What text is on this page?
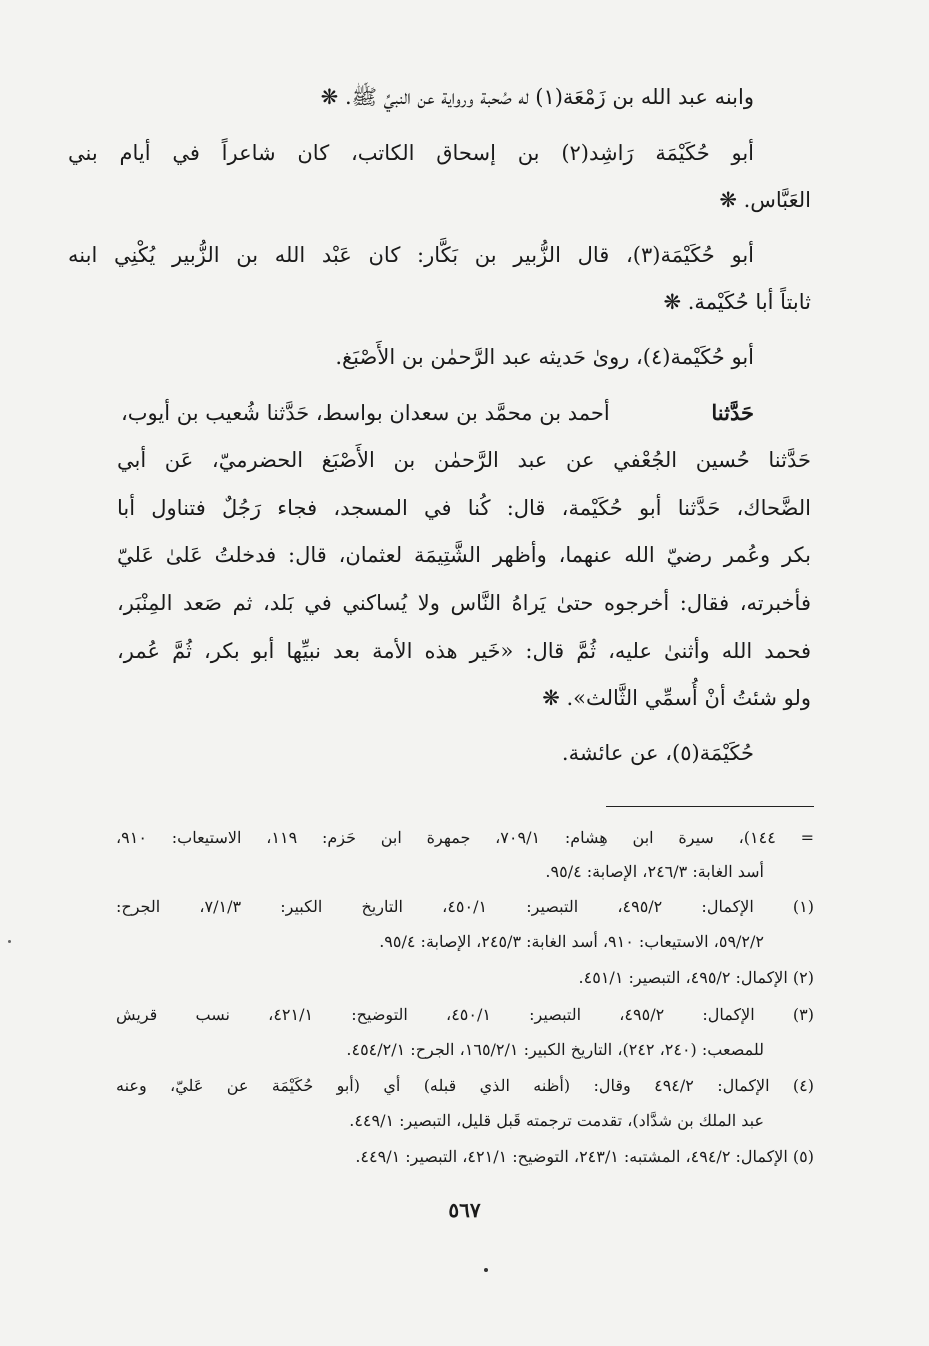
وابنه عبد الله بن زَمْعَة(١) له صُحبة ورواية عن النبيِّ ﷺ. ❋
أبو حُكَيْمَة رَاشِد(٢) بن إسحاق الكاتب، كان شاعراً في أيام بني
العَبَّاس. ❋
أبو حُكَيْمَة(٣)، قال الزُّبير بن بَكَّار: كان عَبْد الله بن الزُّبير يُكْنِي ابنه
ثابتاً أبا حُكَيْمة. ❋
أبو حُكَيْمة(٤)، روىٰ حَديثه عبد الرَّحمٰن بن الأَصْبَغ.
حَدَّثنا
أحمد بن محمَّد بن سعدان بواسط، حَدَّثنا شُعيب بن أيوب،
حَدَّثنا حُسين الجُعْفي عن عبد الرَّحمٰن بن الأَصْبَغ الحضرميّ، عَن أبي
الضَّحاك، حَدَّثنا أبو حُكَيْمة، قال: كُنا في المسجد، فجاء رَجُلٌ فتناول أبا
بكر وعُمر رضيّ الله عنهما، وأظهر الشَّتِيمَة لعثمان، قال: فدخلتُ عَلىٰ عَليّ
فأخبرته، فقال: أخرجوه حتىٰ يَراهُ النَّاس ولا يُساكني في بَلد، ثم صَعد المِنْبَر،
فحمد الله وأثنىٰ عليه، ثُمَّ قال: «خَير هذه الأمة بعد نبيِّها أبو بكر، ثُمَّ عُمر،
ولو شئتُ أنْ أُسمِّي الثَّالث». ❋
حُكَيْمَة(٥)، عن عائشة.
= ١٤٤)، سيرة ابن هِشام: ٧٠٩/١، جمهرة ابن حَزم: ١١٩، الاستيعاب: ٩١٠،
أسد الغابة: ٢٤٦/٣، الإصابة: ٩٥/٤.
(١) الإكمال: ٤٩٥/٢، التبصير: ٤٥٠/١، التاريخ الكبير: ٧/١/٣، الجرح:
٥٩/٢/٢، الاستيعاب: ٩١٠، أسد الغابة: ٢٤٥/٣، الإصابة: ٩٥/٤.
(٢) الإكمال: ٤٩٥/٢، التبصير: ٤٥١/١.
(٣) الإكمال: ٤٩٥/٢، التبصير: ٤٥٠/١، التوضيح: ٤٢١/١، نسب قريش
للمصعب: (٢٤٠، ٢٤٢)، التاريخ الكبير: ١٦٥/٢/١، الجرح: ٤٥٤/٢/١.
(٤) الإكمال: ٤٩٤/٢ وقال: (أظنه الذي قبله) أي (أبو حُكَيْمَة عن عَليّ، وعنه
عبد الملك بن شدَّاد)، تقدمت ترجمته قَبل قليل، التبصير: ٤٤٩/١.
(٥) الإكمال: ٤٩٤/٢، المشتبه: ٢٤٣/١، التوضيح: ٤٢١/١، التبصير: ٤٤٩/١.
٥٦٧
